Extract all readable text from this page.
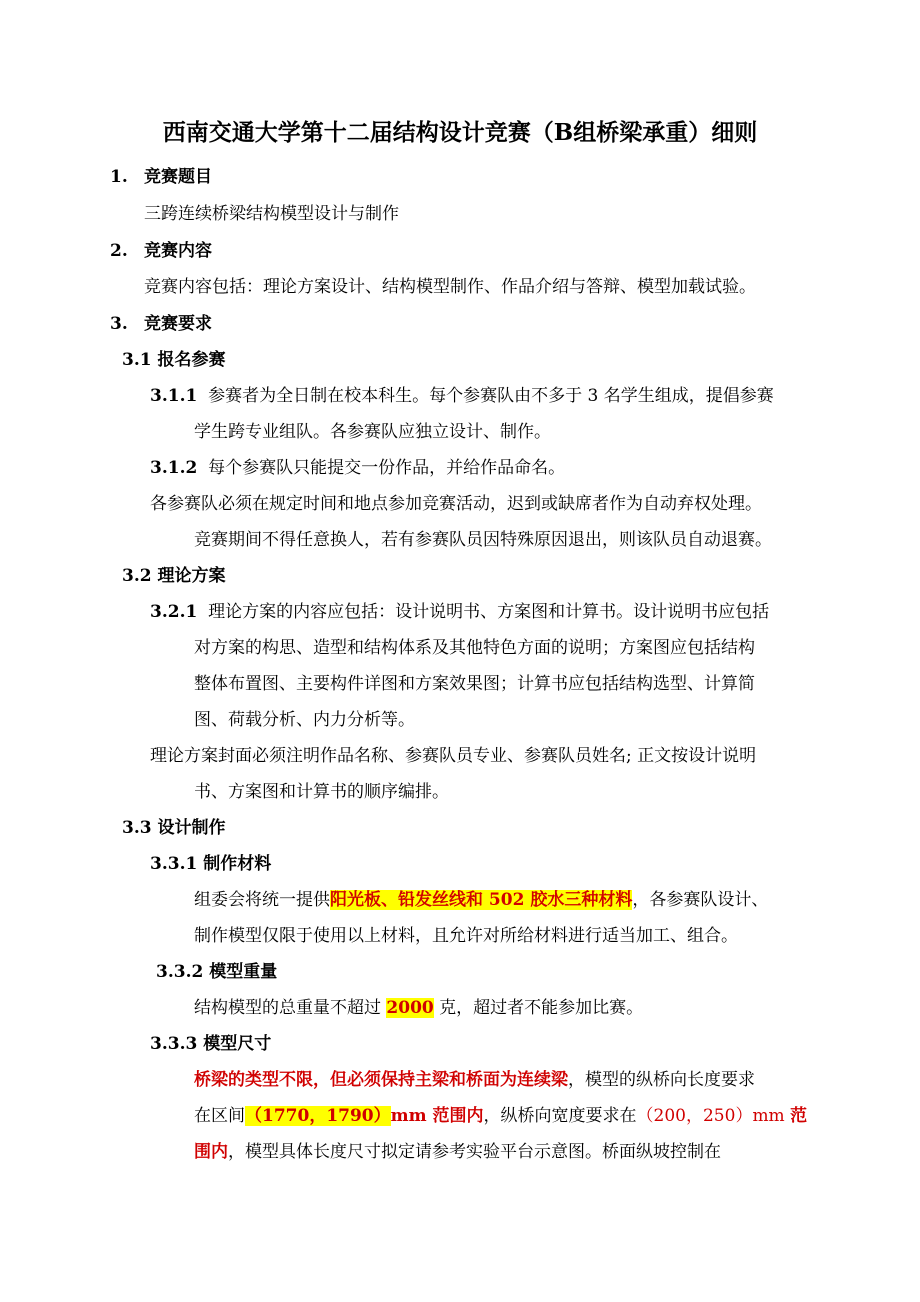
西南交通大学第十二届结构设计竞赛（B组桥梁承重）细则
1. 竞赛题目
三跨连续桥梁结构模型设计与制作
2. 竞赛内容
竞赛内容包括：理论方案设计、结构模型制作、作品介绍与答辩、模型加载试验。
3. 竞赛要求
3.1 报名参赛
3.1.1 参赛者为全日制在校本科生。每个参赛队由不多于 3 名学生组成，提倡参赛
学生跨专业组队。各参赛队应独立设计、制作。
3.1.2 每个参赛队只能提交一份作品，并给作品命名。
各参赛队必须在规定时间和地点参加竞赛活动，迟到或缺席者作为自动弃权处理。
竞赛期间不得任意换人，若有参赛队员因特殊原因退出，则该队员自动退赛。
3.2 理论方案
3.2.1 理论方案的内容应包括：设计说明书、方案图和计算书。设计说明书应包括
对方案的构思、造型和结构体系及其他特色方面的说明；方案图应包括结构
整体布置图、主要构件详图和方案效果图；计算书应包括结构选型、计算简
图、荷载分析、内力分析等。
理论方案封面必须注明作品名称、参赛队员专业、参赛队员姓名; 正文按设计说明
书、方案图和计算书的顺序编排。
3.3 设计制作
3.3.1 制作材料
组委会将统一提供阳光板、铅发丝线和 502 胶水三种材料，各参赛队设计、
制作模型仅限于使用以上材料，且允许对所给材料进行适当加工、组合。
3.3.2 模型重量
结构模型的总重量不超过 2000 克，超过者不能参加比赛。
3.3.3 模型尺寸
桥梁的类型不限，但必须保持主梁和桥面为连续梁，模型的纵桥向长度要求
在区间（1770，1790）mm 范围内，纵桥向宽度要求在（200，250）mm 范
围内，模型具体长度尺寸拟定请参考实验平台示意图。桥面纵坡控制在
